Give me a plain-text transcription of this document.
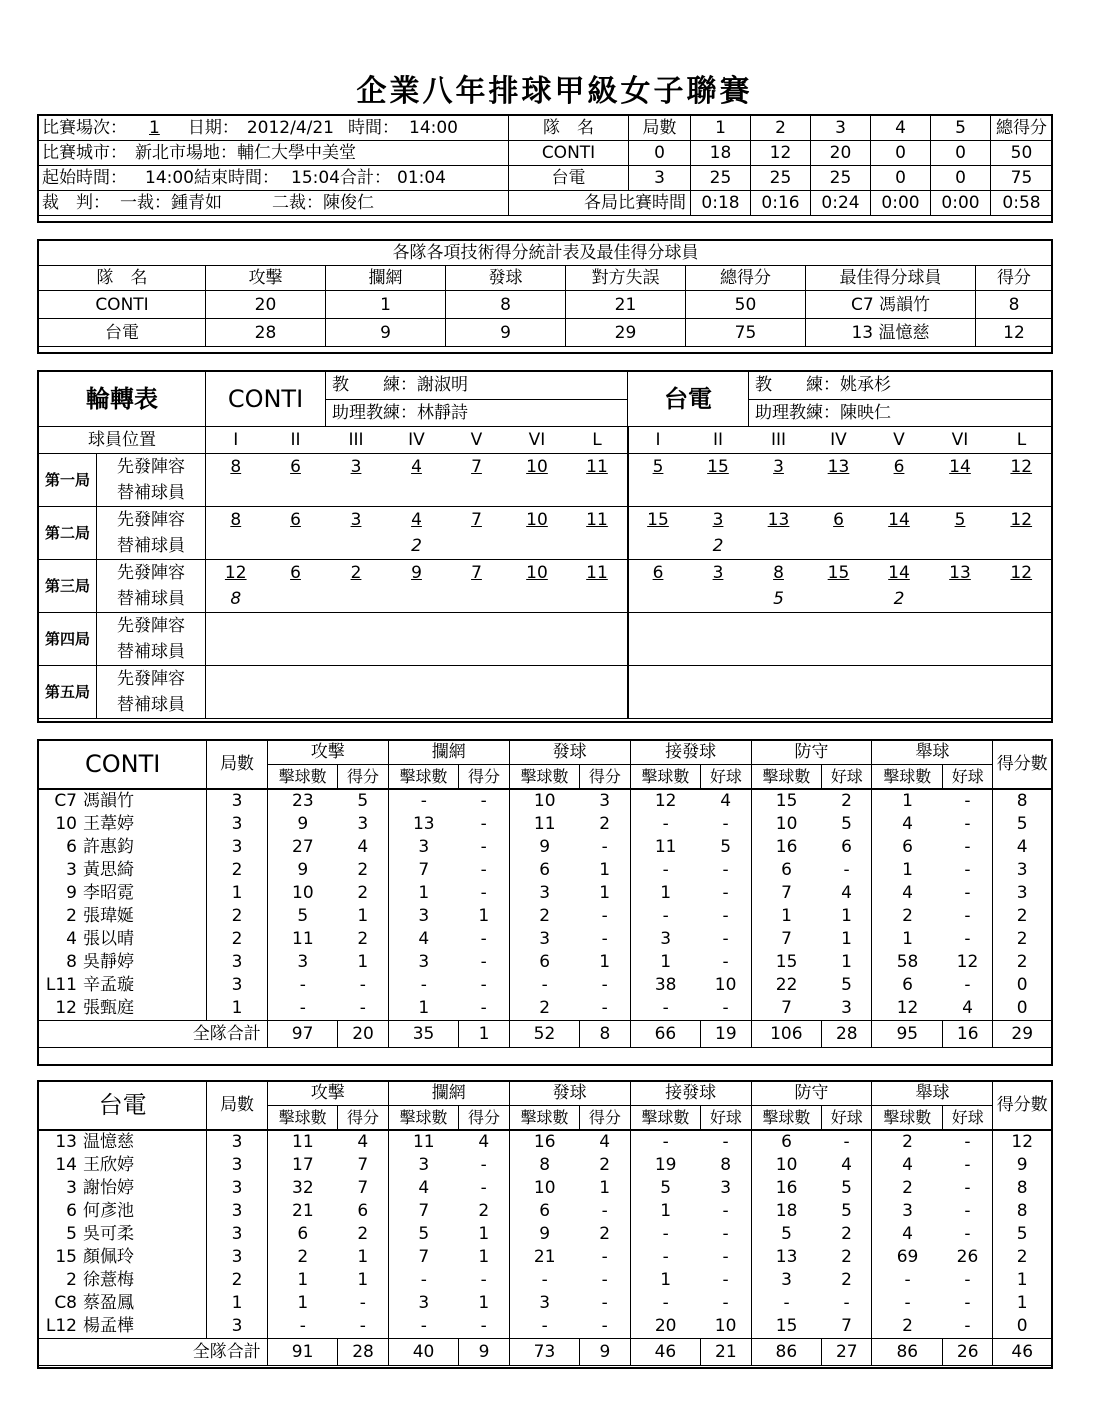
企業八年排球甲級女子聯賽
比賽場次： 1 日期： 2012/4/21 時間： 14:00
比賽城市： 新北市場地：輔仁大學中美堂
起始時間： 14:00結束時間： 15:04合計： 01:04
裁　判： 一裁：鍾青如	二裁：陳俊仁
隊　名	局數	1	2	3	4	5	總得分
CONTI	0	18	12	20	0	0	50
台電	3	25	25	25	0	0	75
各局比賽時間		0:18	0:16	0:24	0:00	0:00	0:58
各隊各項技術得分統計表及最佳得分球員							
隊　名	攻擊	攔網	發球	對方失誤	總得分	最佳得分球員	得分
CONTI	20	1	8	21	50	C7 馮韻竹	8
台電	28	9	9	29	75	13 温憶慈	12
輪轉表		CONTI		教　　練：謝淑明					台電		教　　練：姚承杉				
				助理教練：林靜詩							助理教練：陳映仁				
球員位置		I	II	III	IV	V	VI	L	I	II	III	IV	V	VI	L
第一局	先發陣容	8	6	3	4	7	10	11	5	15	3	13	6	14	12
	替補球員														
第二局	先發陣容	8	6	3	4	7	10	11	15	3	13	6	14	5	12
	替補球員				2					2					
第三局	先發陣容	12	6	2	9	7	10	11	6	3	8	15	14	13	12
	替補球員	8									5		2		
第四局	先發陣容														
	替補球員														
第五局	先發陣容														
	替補球員														
CONTI	局數	攻擊		攔網		發球		接發球		防守		舉球		得分數
		擊球數	得分	擊球數	得分	擊球數	得分	擊球數	好球	擊球數	好球	擊球數	好球	
C7 馮韻竹	3	23	5	-	-	10	3	12	4	15	2	1	-	8
10 王葦婷	3	9	3	13	-	11	2	-	-	10	5	4	-	5
6 許惠鈞	3	27	4	3	-	9	-	11	5	16	6	6	-	4
3 黃思綺	2	9	2	7	-	6	1	-	-	6	-	1	-	3
9 李昭霓	1	10	2	1	-	3	1	1	-	7	4	4	-	3
2 張瑋娫	2	5	1	3	1	2	-	-	-	1	1	2	-	2
4 張以晴	2	11	2	4	-	3	-	3	-	7	1	1	-	2
8 吳靜婷	3	3	1	3	-	6	1	1	-	15	1	58	12	2
L11 辛孟璇	3	-	-	-	-	-	-	38	10	22	5	6	-	0
12 張甄庭	1	-	-	1	-	2	-	-	-	7	3	12	4	0
全隊合計		97	20	35	1	52	8	66	19	106	28	95	16	29
台電	局數	攻擊		攔網		發球		接發球		防守		舉球		得分數
		擊球數	得分	擊球數	得分	擊球數	得分	擊球數	好球	擊球數	好球	擊球數	好球	
13 温憶慈	3	11	4	11	4	16	4	-	-	6	-	2	-	12
14 王欣婷	3	17	7	3	-	8	2	19	8	10	4	4	-	9
3 謝怡婷	3	32	7	4	-	10	1	5	3	16	5	2	-	8
6 何彥池	3	21	6	7	2	6	-	1	-	18	5	3	-	8
5 吳可柔	3	6	2	5	1	9	2	-	-	5	2	4	-	5
15 顏佩玲	3	2	1	7	1	21	-	-	-	13	2	69	26	2
2 徐薏梅	2	1	1	-	-	-	-	1	-	3	2	-	-	1
C8 蔡盈鳳	1	1	-	3	1	3	-	-	-	-	-	-	-	1
L12 楊孟樺	3	-	-	-	-	-	-	20	10	15	7	2	-	0
全隊合計		91	28	40	9	73	9	46	21	86	27	86	26	46
